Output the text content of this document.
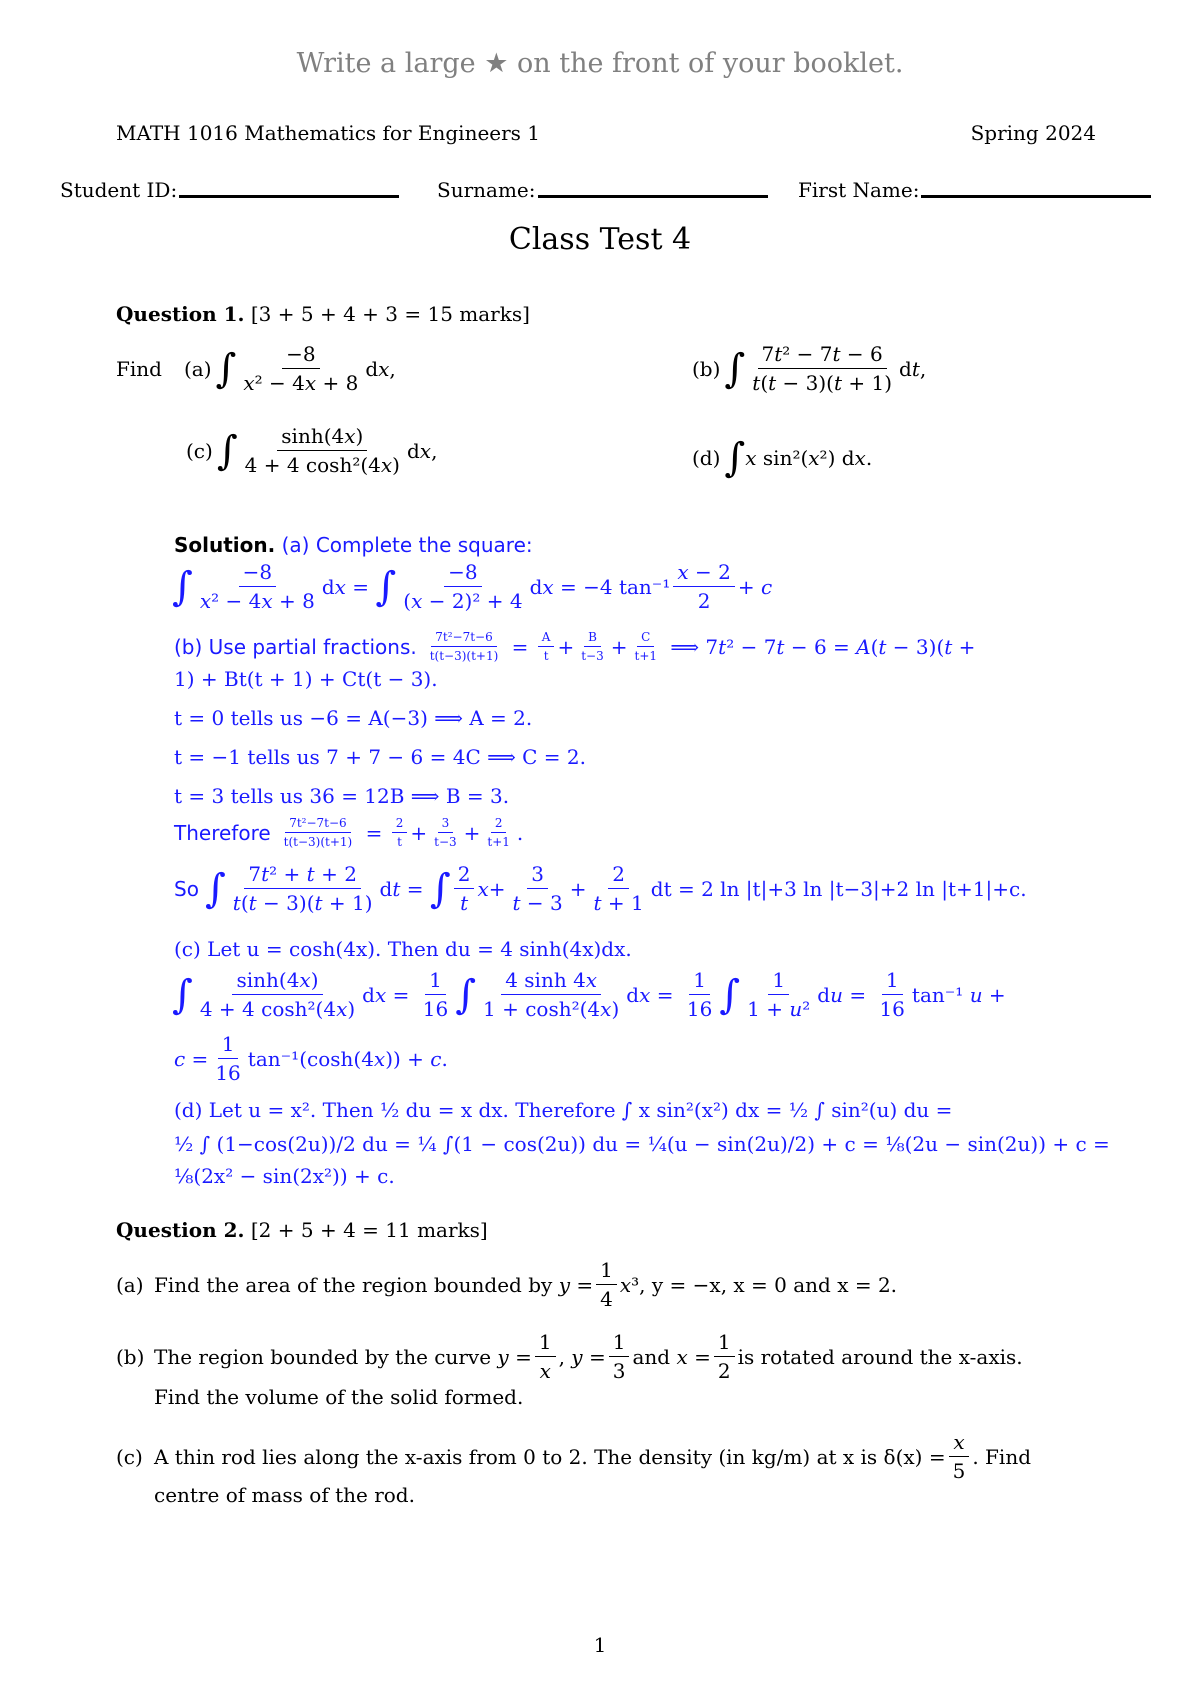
Write a large ★ on the front of your booklet.
MATH 1016 Mathematics for Engineers 1	Spring 2024
Student ID:	Surname:	First Name:
Class Test 4
Question 1. [3 + 5 + 4 + 3 = 15 marks]
Find (a) ∫ $\frac{-8}{\text{x² − 4x + 8}}$ dx,	(b) ∫ $\frac{\text{7t² − 7t − 6}}{t(t - 3)(t + 1)}$ dt,
(c) ∫ $\frac{\sinh(4x)}{\text{4 + 4 cosh²(4x)}}$ dx,	(d) ∫ x sin²(x²) dx.
Solution. (a) Complete the square:
∫ $\frac{-8}{\text{x² − 4x + 8}}$ dx = ∫ $\frac{-8}{\text{(x − 2)² + 4}}$ dx = −4 $\tan^{-1} \frac{x - 2}{2} + c$
(b) Use partial fractions. $\frac{\text{7t²−7t−6}}{t(t-3)(t+1)} = \frac{A}{t} + \frac{B}{t-3} + \frac{C}{t+1}$ ⟹ 7t² − 7t − 6 = A(t − 3)(t +
1) + Bt(t + 1) + Ct(t − 3).
t = 0 tells us −6 = A(−3) ⟹ A = 2.
t = −1 tells us 7 + 7 − 6 = 4C ⟹ C = 2.
t = 3 tells us 36 = 12B ⟹ B = 3.
Therefore $\frac{\text{7t²−7t−6}}{t(t-3)(t+1)} = \frac{2}{t} + \frac{3}{t-3} + \frac{2}{t+1}$ .
So ∫ $\frac{\text{7t² + t + 2}}{t(t - 3)(t + 1)}$ dt = ∫ $\frac{2}{t} x+ \frac{3}{t - 3} + \frac{2}{t + 1}$ dt = 2 ln |t|+3 ln |t−3|+2 ln |t+1|+c.
(c) Let u = cosh(4x). Then du = 4 sinh(4x)dx.
∫ $\frac{\sinh(4x)}{\text{4 + 4 cosh²(4x)}}$ dx = $\frac{1}{16}$ ∫ $\frac{4 \sinh 4x}{\text{1 + cosh²(4x)}}$ dx = $\frac{1}{16}$ ∫ $\frac{1}{\text{1 + u²}}$ du = $\frac{1}{16} \tan^{-1}$ u +
$c = \frac{1}{16} \tan^{-1}(\cosh(4x)) + c$.
(d) Let u = x². Then ½ du = x dx. Therefore ∫ x sin²(x²) dx = ½ ∫ sin²(u) du =
½ ∫ (1−cos(2u))/2 du = ¼ ∫(1 − cos(2u)) du = ¼(u − sin(2u)/2) + c = ⅛(2u − sin(2u)) + c =
⅛(2x² − sin(2x²)) + c.
Question 2. [2 + 5 + 4 = 11 marks]
(a) Find the area of the region bounded by $y = \frac{1}{4} x^3$ , y = −x, x = 0 and x = 2.
(b) The region bounded by the curve $y = \frac{1}{x}$ , $y = \frac{1}{3}$ and $x = \frac{1}{2}$ is rotated around the x-axis.
Find the volume of the solid formed.
(c) A thin rod lies along the x-axis from 0 to 2. The density (in kg/m) at x is $\delta(x) = \frac{x}{5}$ . Find
centre of mass of the rod.
1
